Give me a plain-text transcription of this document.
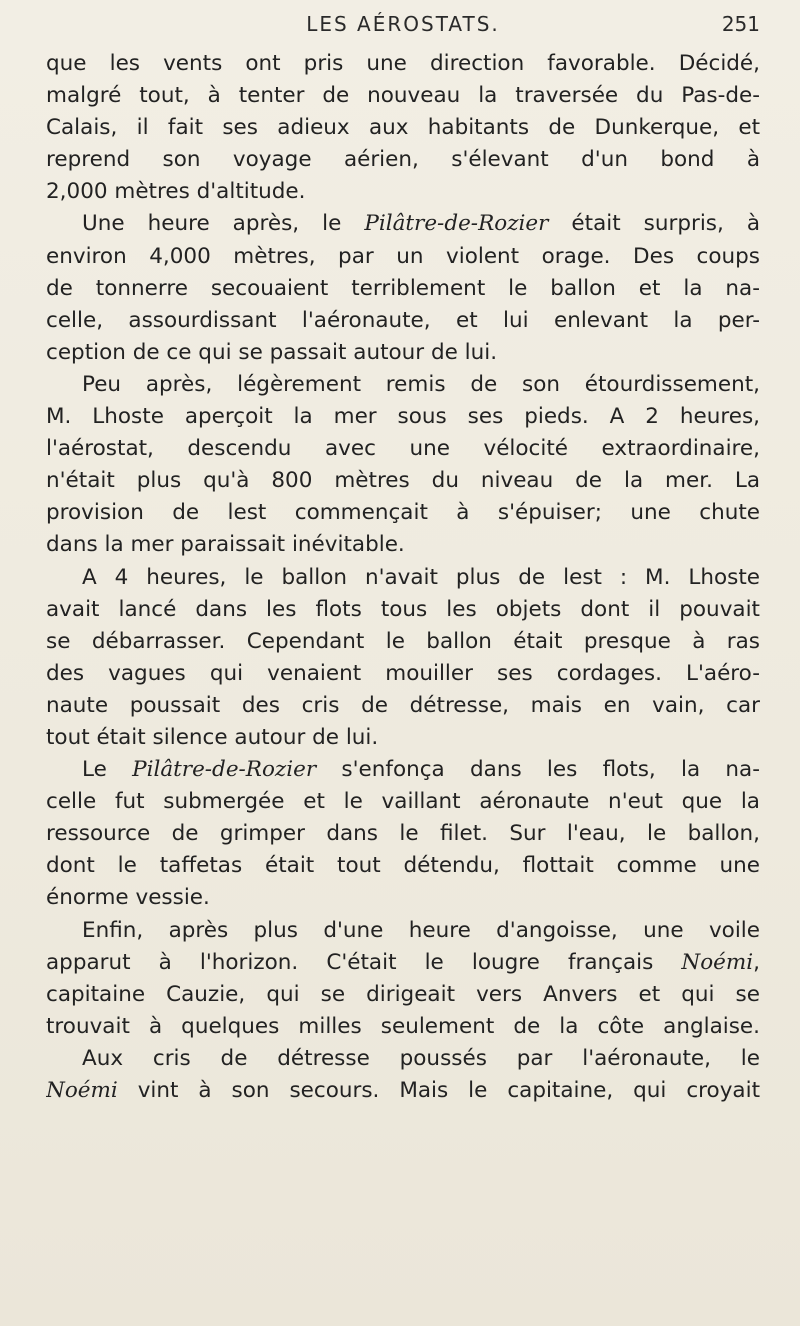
LES AÉROSTATS.	251
que les vents ont pris une direction favorable. Décidé,
malgré tout, à tenter de nouveau la traversée du Pas-de-
Calais, il fait ses adieux aux habitants de Dunkerque, et
reprend son voyage aérien, s'élevant d'un bond à
2,000 mètres d'altitude.
Une heure après, le Pilâtre-de-Rozier était surpris, à
environ 4,000 mètres, par un violent orage. Des coups
de tonnerre secouaient terriblement le ballon et la na-
celle, assourdissant l'aéronaute, et lui enlevant la per-
ception de ce qui se passait autour de lui.
Peu après, légèrement remis de son étourdissement,
M. Lhoste aperçoit la mer sous ses pieds. A 2 heures,
l'aérostat, descendu avec une vélocité extraordinaire,
n'était plus qu'à 800 mètres du niveau de la mer. La
provision de lest commençait à s'épuiser; une chute
dans la mer paraissait inévitable.
A 4 heures, le ballon n'avait plus de lest : M. Lhoste
avait lancé dans les flots tous les objets dont il pouvait
se débarrasser. Cependant le ballon était presque à ras
des vagues qui venaient mouiller ses cordages. L'aéro-
naute poussait des cris de détresse, mais en vain, car
tout était silence autour de lui.
Le Pilâtre-de-Rozier s'enfonça dans les flots, la na-
celle fut submergée et le vaillant aéronaute n'eut que la
ressource de grimper dans le filet. Sur l'eau, le ballon,
dont le taffetas était tout détendu, flottait comme une
énorme vessie.
Enfin, après plus d'une heure d'angoisse, une voile
apparut à l'horizon. C'était le lougre français Noémi,
capitaine Cauzie, qui se dirigeait vers Anvers et qui se
trouvait à quelques milles seulement de la côte anglaise.
Aux cris de détresse poussés par l'aéronaute, le
Noémi vint à son secours. Mais le capitaine, qui croyait
